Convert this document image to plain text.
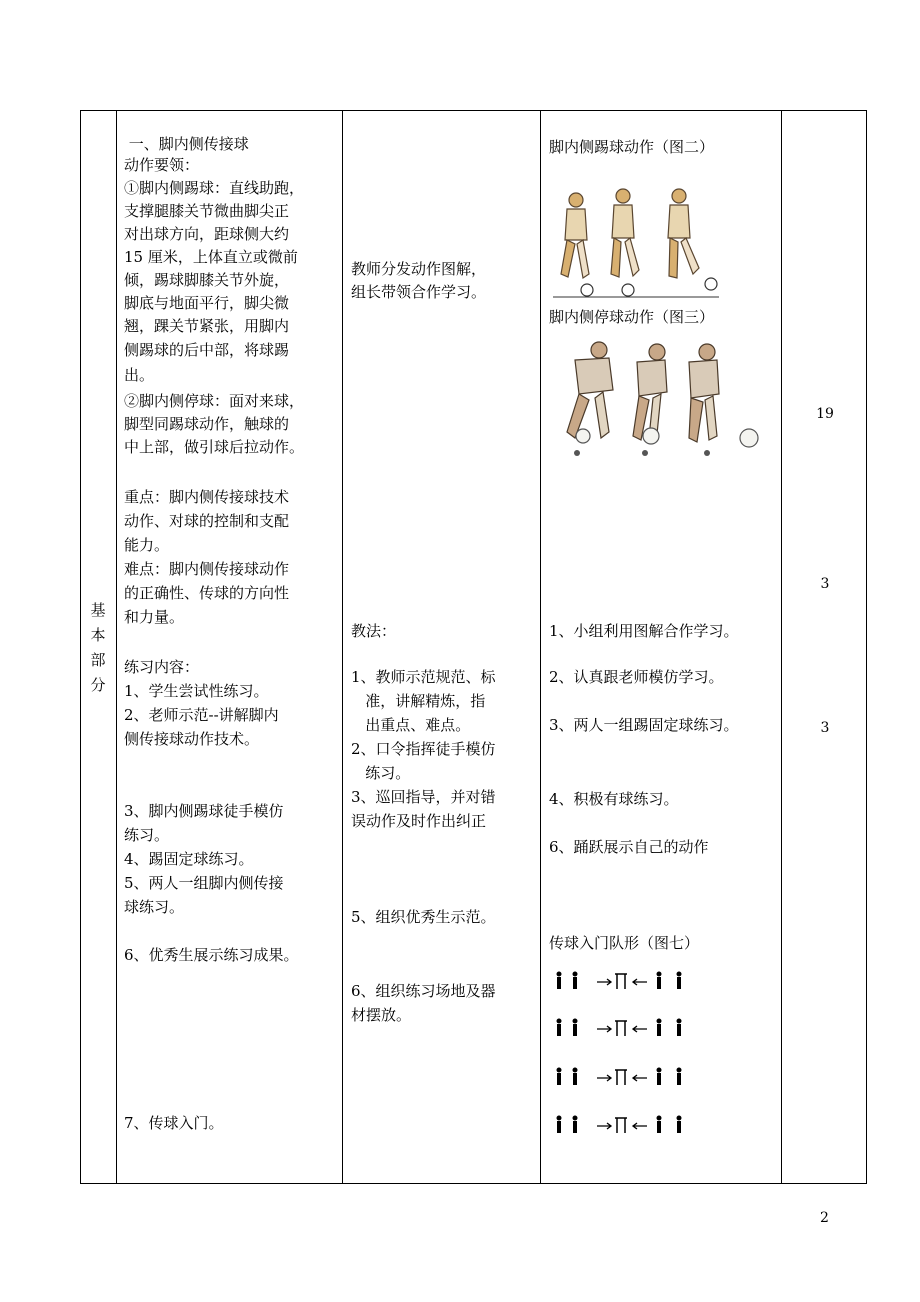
基
本
部
分
一、脚内侧传接球
动作要领：
①脚内侧踢球：直线助跑，
支撑腿膝关节微曲脚尖正
对出球方向，距球侧大约
15 厘米，上体直立或微前
倾，踢球脚膝关节外旋，
脚底与地面平行，脚尖微
翘，踝关节紧张，用脚内
侧踢球的后中部，将球踢
出。
②脚内侧停球：面对来球，
脚型同踢球动作，触球的
中上部，做引球后拉动作。
重点：脚内侧传接球技术
动作、对球的控制和支配
能力。
难点：脚内侧传接球动作
的正确性、传球的方向性
和力量。
练习内容：
1、学生尝试性练习。
2、老师示范--讲解脚内
侧传接球动作技术。
3、脚内侧踢球徒手模仿
练习。
4、踢固定球练习。
5、两人一组脚内侧传接
球练习。
6、优秀生展示练习成果。
7、传球入门。
教师分发动作图解，
组长带领合作学习。
教法：
1、教师示范规范、标
准，讲解精炼，指
出重点、难点。
2、口令指挥徒手模仿
练习。
3、巡回指导，并对错
误动作及时作出纠正
5、组织优秀生示范。
6、组织练习场地及器
材摆放。
脚内侧踢球动作（图二）
脚内侧停球动作（图三）
1、小组利用图解合作学习。
2、认真跟老师模仿学习。
3、两人一组踢固定球练习。
4、积极有球练习。
6、踊跃展示自己的动作
传球入门队形（图七）
19
3
3
2
